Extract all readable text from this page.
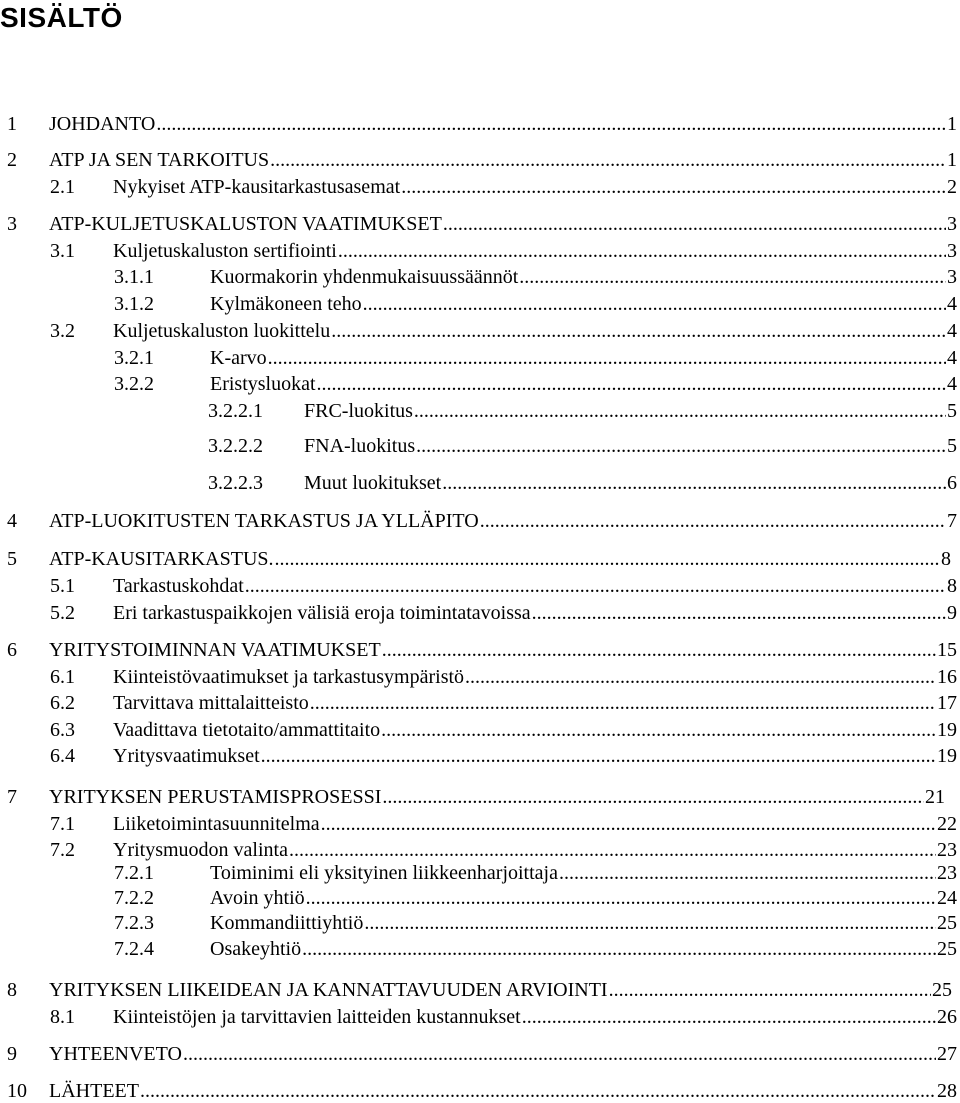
SISÄLTÖ
1	JOHDANTO .....	1
2	ATP JA SEN TARKOITUS .....	1
2.1	Nykyiset ATP-kausitarkastusasemat .....	2
3	ATP-KULJETUSKALUSTON VAATIMUKSET .....	3
3.1	Kuljetuskaluston sertifiointi .....	3
3.1.1	Kuormakorin yhdenmukaisuussäännöt .....	3
3.1.2	Kylmäkoneen teho .....	4
3.2	Kuljetuskaluston luokittelu .....	4
3.2.1	K-arvo .....	4
3.2.2	Eristysluokat .....	4
3.2.2.1	FRC-luokitus .....	5
3.2.2.2	FNA-luokitus .....	5
3.2.2.3	Muut luokitukset .....	6
4	ATP-LUOKITUSTEN TARKASTUS JA YLLÄPITO .....	7
5	ATP-KAUSITARKASTUS. .....	8
5.1	Tarkastuskohdat .....	8
5.2	Eri tarkastuspaikkojen välisiä eroja toimintatavoissa .....	9
6	YRITYSTOIMINNAN VAATIMUKSET .....	15
6.1	Kiinteistövaatimukset ja tarkastusympäristö .....	16
6.2	Tarvittava mittalaitteisto .....	17
6.3	Vaadittava tietotaito/ammattitaito .....	19
6.4	Yritysvaatimukset .....	19
7	YRITYKSEN PERUSTAMISPROSESSI .....	21
7.1	Liiketoimintasuunnitelma .....	22
7.2	Yritysmuodon valinta .....	23
7.2.1	Toiminimi eli yksityinen liikkeenharjoittaja .....	23
7.2.2	Avoin yhtiö .....	24
7.2.3	Kommandiittiyhtiö .....	25
7.2.4	Osakeyhtiö .....	25
8	YRITYKSEN LIIKEIDEAN JA KANNATTAVUUDEN ARVIOINTI .....	25
8.1	Kiinteistöjen ja tarvittavien laitteiden kustannukset .....	26
9	YHTEENVETO .....	27
10	LÄHTEET .....	28
